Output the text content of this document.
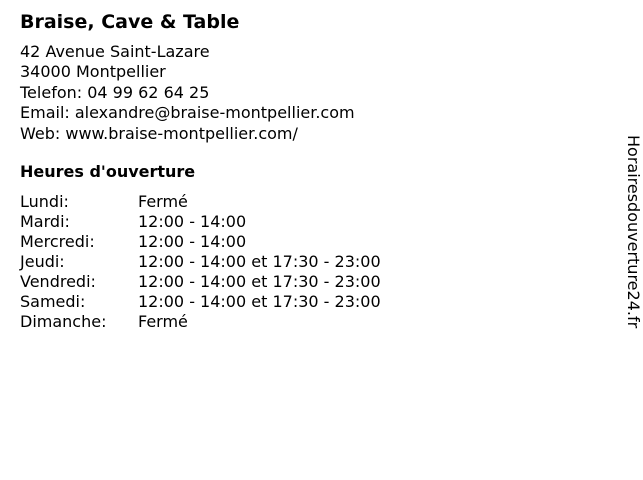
Braise, Cave & Table
42 Avenue Saint-Lazare
34000 Montpellier
Telefon: 04 99 62 64 25
Email: alexandre@braise-montpellier.com
Web: www.braise-montpellier.com/
Heures d'ouverture
Lundi:	Fermé
Mardi:	12:00 - 14:00
Mercredi:	12:00 - 14:00
Jeudi:	12:00 - 14:00 et 17:30 - 23:00
Vendredi:	12:00 - 14:00 et 17:30 - 23:00
Samedi:	12:00 - 14:00 et 17:30 - 23:00
Dimanche:	Fermé	Horairesdouverture24.fr
